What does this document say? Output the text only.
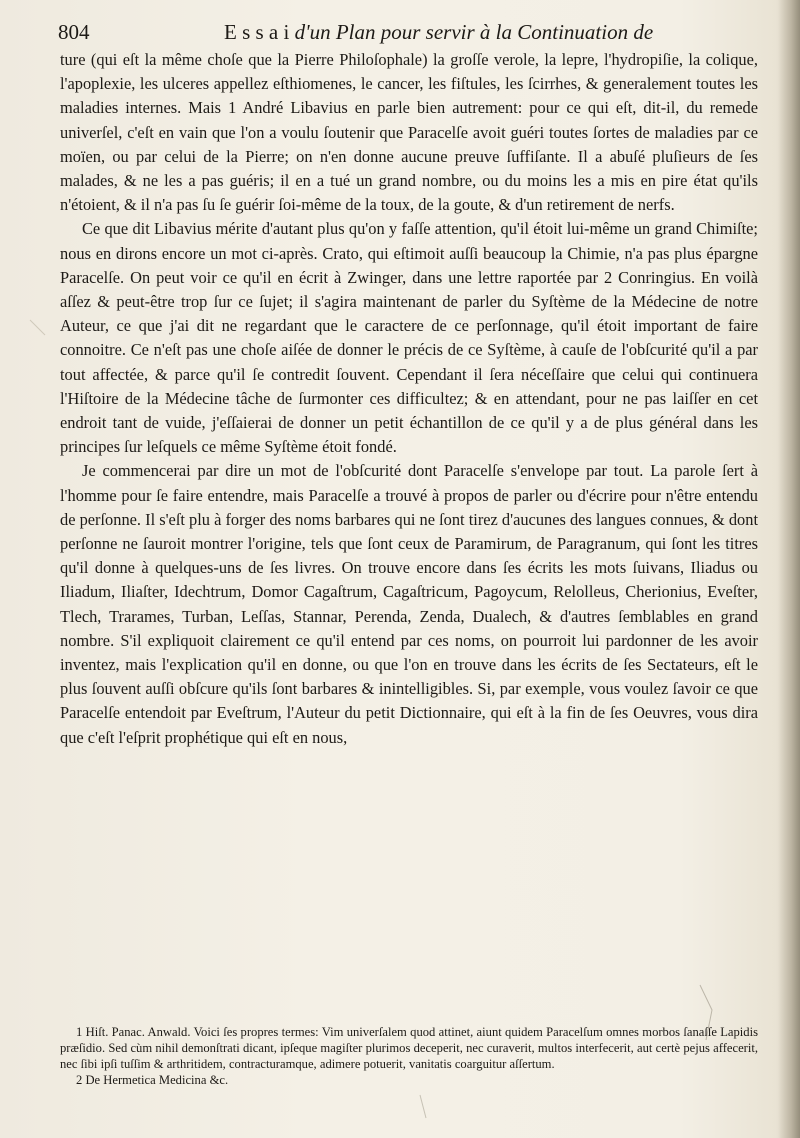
804	E s s a i d'un Plan pour servir à la Continuation de

ture (qui eſt la même choſe que la Pierre Philoſophale) la groſſe verole, la lepre, l'hydropiſie, la colique, l'apoplexie, les ulceres appellez eſthiomenes, le cancer, les fiſtules, les ſcirrhes, & generalement toutes les maladies internes. Mais 1 André Libavius en parle bien autrement: pour ce qui eſt, dit-il, du remede univerſel, c'eſt en vain que l'on a voulu ſoutenir que Paracelſe avoit guéri toutes ſortes de maladies par ce moïen, ou par celui de la Pierre; on n'en donne aucune preuve ſuffiſante. Il a abuſé pluſieurs de ſes malades, & ne les a pas guéris; il en a tué un grand nombre, ou du moins les a mis en pire état qu'ils n'étoient, & il n'a pas ſu ſe guérir ſoi-même de la toux, de la goute, & d'un retirement de nerfs.

Ce que dit Libavius mérite d'autant plus qu'on y faſſe attention, qu'il étoit lui-même un grand Chimiſte; nous en dirons encore un mot ci-après. Crato, qui eſtimoit auſſi beaucoup la Chimie, n'a pas plus épargne Paracelſe. On peut voir ce qu'il en écrit à Zwinger, dans une lettre raportée par 2 Conringius. En voilà aſſez & peut-être trop ſur ce ſujet; il s'agira maintenant de parler du Syſtème de la Médecine de notre Auteur, ce que j'ai dit ne regardant que le caractere de ce perſonnage, qu'il étoit important de faire connoitre. Ce n'eſt pas une choſe aiſée de donner le précis de ce Syſtème, à cauſe de l'obſcurité qu'il a par tout affectée, & parce qu'il ſe contredit ſouvent. Cependant il ſera néceſſaire que celui qui continuera l'Hiſtoire de la Médecine tâche de ſurmonter ces difficultez; & en attendant, pour ne pas laiſſer en cet endroit tant de vuide, j'eſſaierai de donner un petit échantillon de ce qu'il y a de plus général dans les principes ſur leſquels ce même Syſtème étoit fondé.

Je commencerai par dire un mot de l'obſcurité dont Paracelſe s'envelope par tout. La parole ſert à l'homme pour ſe faire entendre, mais Paracelſe a trouvé à propos de parler ou d'écrire pour n'être entendu de perſonne. Il s'eſt plu à forger des noms barbares qui ne ſont tirez d'aucunes des langues connues, & dont perſonne ne ſauroit montrer l'origine, tels que ſont ceux de Paramirum, de Paragranum, qui ſont les titres qu'il donne à quelques-uns de ſes livres. On trouve encore dans ſes écrits les mots ſuivans, Iliadus ou Iliadum, Iliaſter, Idechtrum, Domor Cagaſtrum, Cagaſtricum, Pagoycum, Relolleus, Cherionius, Eveſter, Tlech, Trarames, Turban, Leſſas, Stannar, Perenda, Zenda, Dualech, & d'autres ſemblables en grand nombre. S'il expliquoit clairement ce qu'il entend par ces noms, on pourroit lui pardonner de les avoir inventez, mais l'explication qu'il en donne, ou que l'on en trouve dans les écrits de ſes Sectateurs, eſt le plus ſouvent auſſi obſcure qu'ils ſont barbares & inintelligibles. Si, par exemple, vous voulez ſavoir ce que Paracelſe entendoit par Eveſtrum, l'Auteur du petit Dictionnaire, qui eſt à la fin de ſes Oeuvres, vous dira que c'eſt l'eſprit prophétique qui eſt en nous,

1 Hiſt. Panac. Anwald. Voici ſes propres termes: Vim univerſalem quod attinet, aiunt quidem Paracelſum omnes morbos ſanaſſe Lapidis præſidio. Sed cùm nihil demonſtrati dicant, ipſeque magiſter plurimos deceperit, nec curaverit, multos interfecerit, aut certè pejus affecerit, nec ſibi ipſi tuſſim & arthritidem, contracturamque, adimere potuerit, vanitatis coarguitur aſſertum.

2 De Hermetica Medicina &c.
